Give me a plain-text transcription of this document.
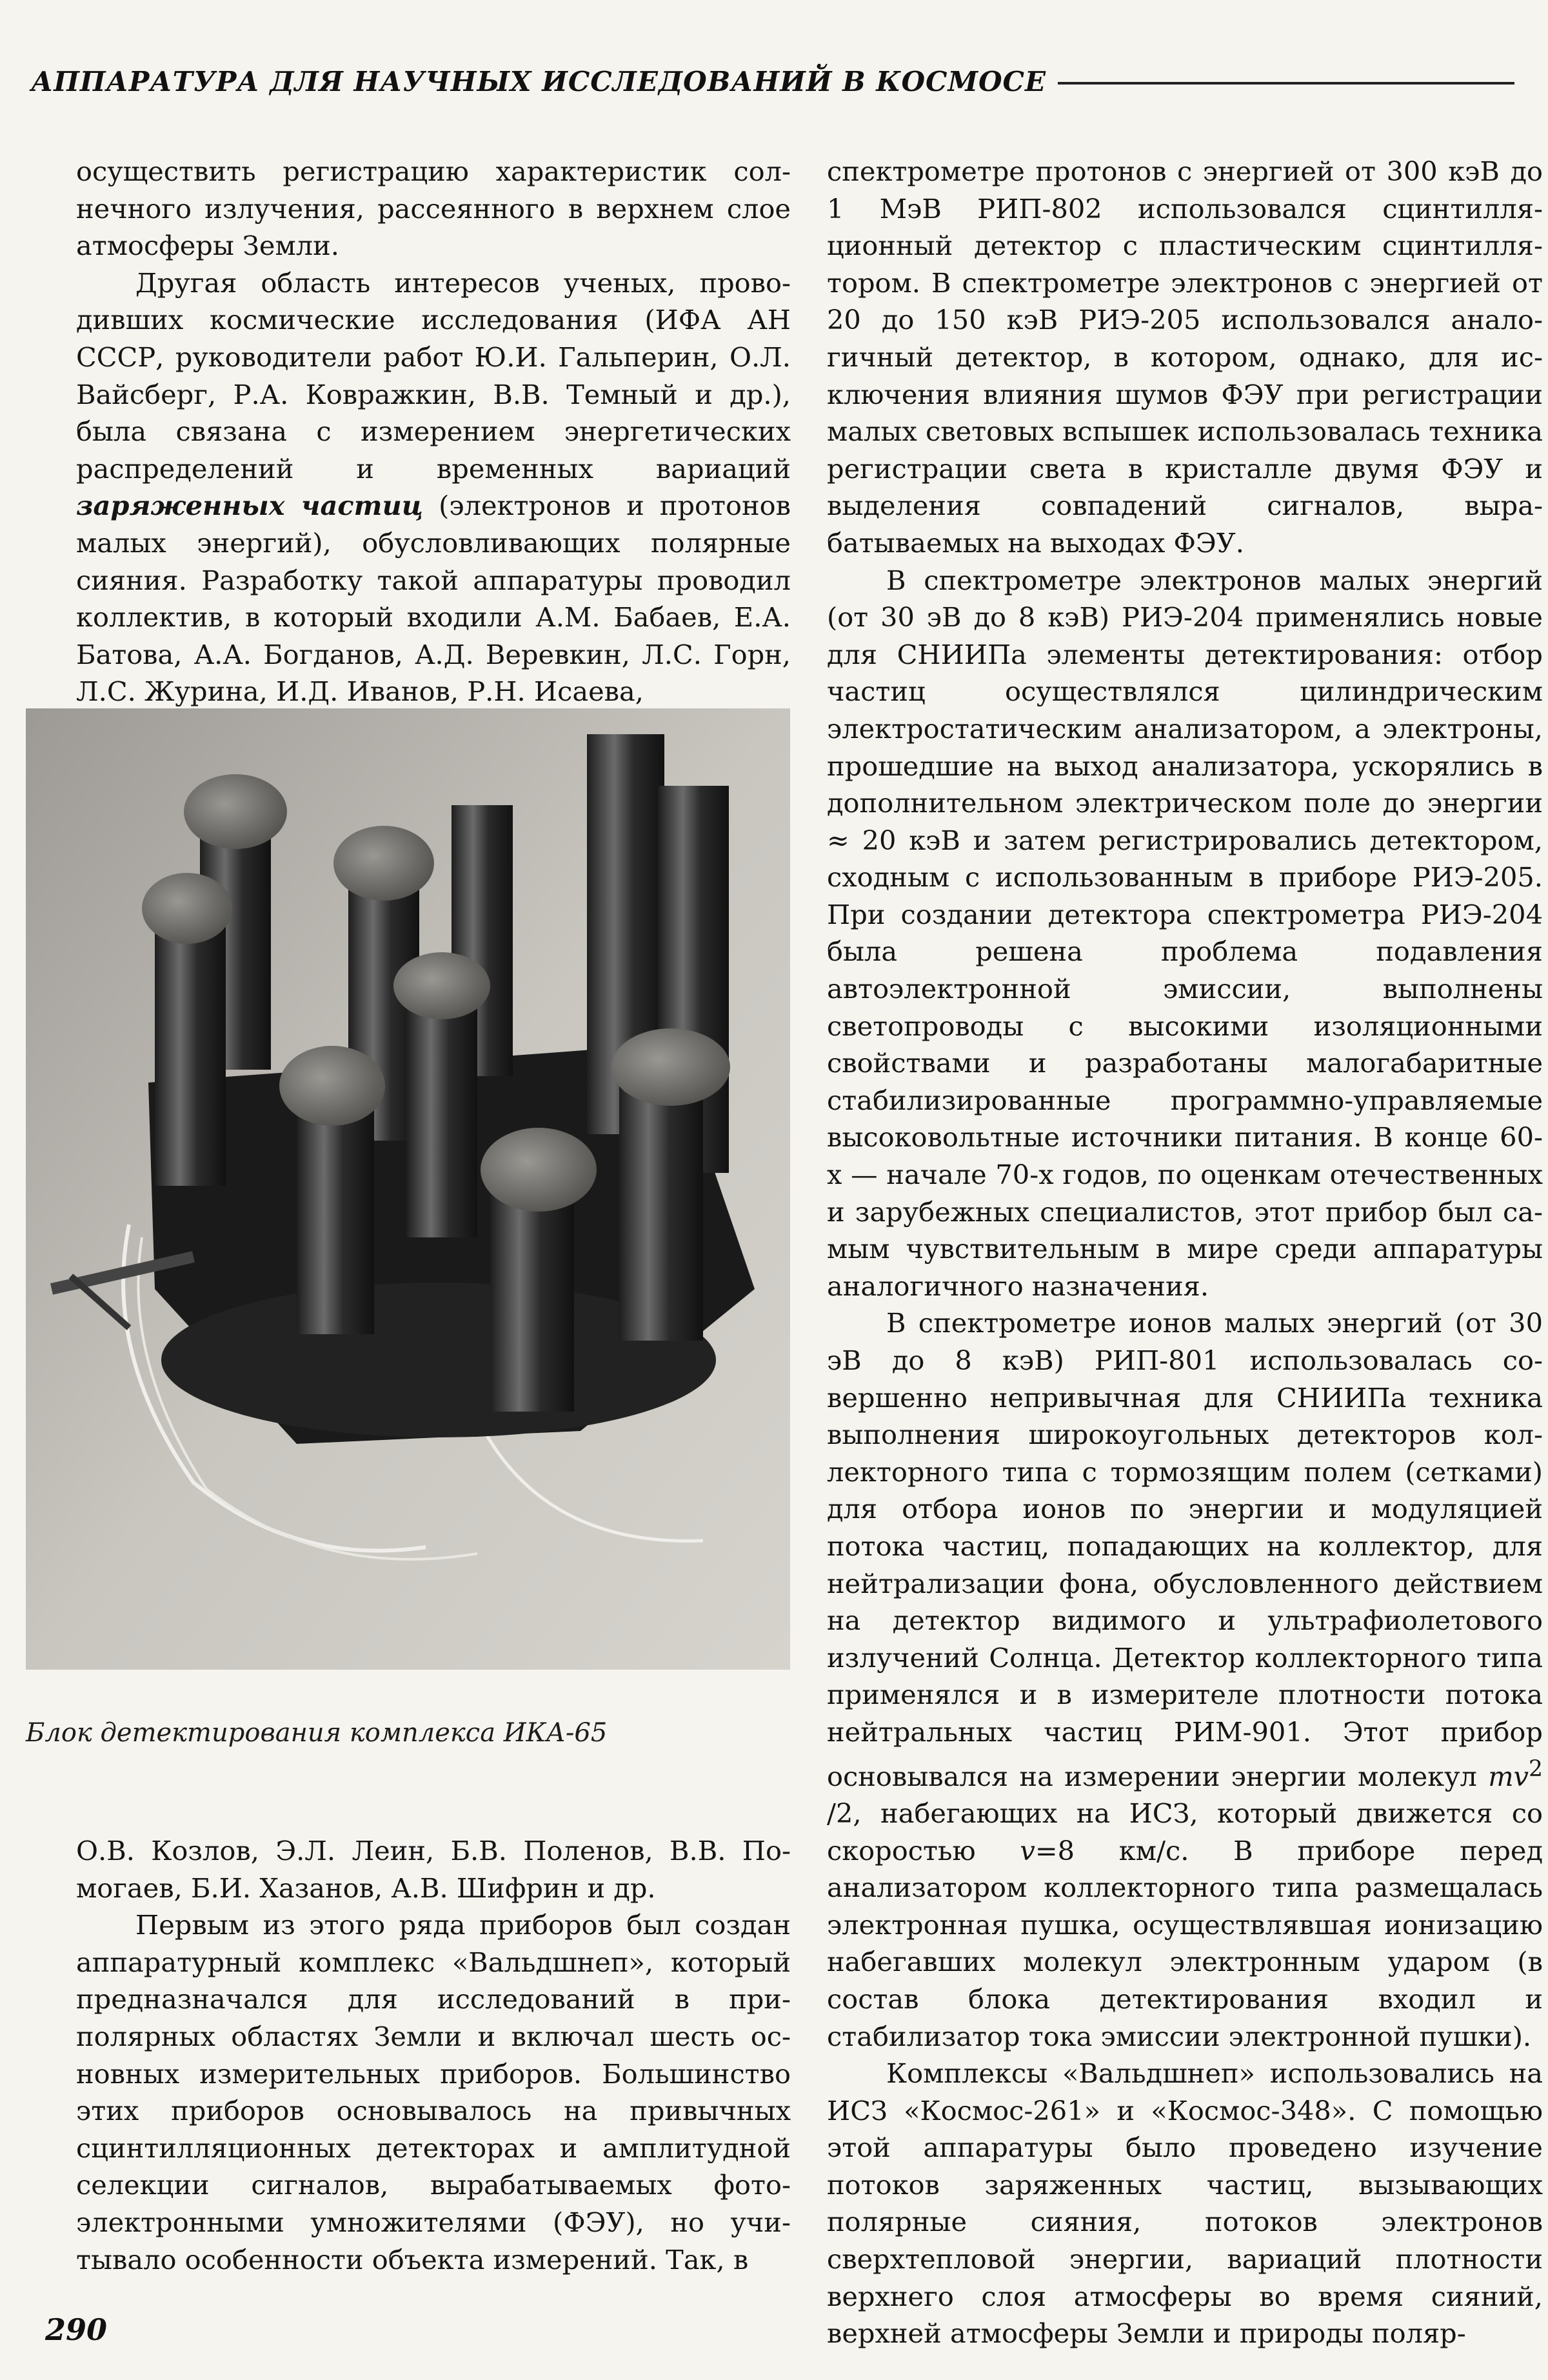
АППАРАТУРА ДЛЯ НАУЧНЫХ ИССЛЕДОВАНИЙ В КОСМОСЕ

осуществить регистрацию характеристик солнечного излучения, рассеянного в верхнем слое атмосферы Земли.

Другая область интересов ученых, проводивших космические исследования (ИФА АН СССР, руководители работ Ю.И. Гальперин, О.Л. Вайсберг, Р.А. Ковражкин, В.В. Темный и др.), была связана с измерением энергетических распределений и временных вариаций заряженных частиц (электронов и протонов малых энергий), обусловливающих полярные сияния. Разработку такой аппаратуры проводил коллектив, в который входили А.М. Бабаев, Е.А. Батова, А.А. Богданов, А.Д. Веревкин, Л.С. Горн, Л.С. Журина, И.Д. Иванов, Р.Н. Исаева,

Блок детектирования комплекса ИКА-65

О.В. Козлов, Э.Л. Леин, Б.В. Поленов, В.В. Помогаев, Б.И. Хазанов, А.В. Шифрин и др.

Первым из этого ряда приборов был создан аппаратурный комплекс «Вальдшнеп», который предназначался для исследований в приполярных областях Земли и включал шесть основных измерительных приборов. Большинство этих приборов основывалось на привычных сцинтилляционных детекторах и амплитудной селекции сигналов, вырабатываемых фотоэлектронными умножителями (ФЭУ), но учитывало особенности объекта измерений. Так, в

спектрометре протонов с энергией от 300 кэВ до 1 МэВ РИП-802 использовался сцинтилляционный детектор с пластическим сцинтиллятором. В спектрометре электронов с энергией от 20 до 150 кэВ РИЭ-205 использовался аналогичный детектор, в котором, однако, для исключения влияния шумов ФЭУ при регистрации малых световых вспышек использовалась техника регистрации света в кристалле двумя ФЭУ и выделения совпадений сигналов, вырабатываемых на выходах ФЭУ.

В спектрометре электронов малых энергий (от 30 эВ до 8 кэВ) РИЭ-204 применялись новые для СНИИПа элементы детектирования: отбор частиц осуществлялся цилиндрическим электростатическим анализатором, а электроны, прошедшие на выход анализатора, ускорялись в дополнительном электрическом поле до энергии ≈ 20 кэВ и затем регистрировались детектором, сходным с использованным в приборе РИЭ-205. При создании детектора спектрометра РИЭ-204 была решена проблема подавления автоэлектронной эмиссии, выполнены светопроводы с высокими изоляционными свойствами и разработаны малогабаритные стабилизированные программно-управляемые высоковольтные источники питания. В конце 60-х — начале 70-х годов, по оценкам отечественных и зарубежных специалистов, этот прибор был самым чувствительным в мире среди аппаратуры аналогичного назначения.

В спектрометре ионов малых энергий (от 30 эВ до 8 кэВ) РИП-801 использовалась совершенно непривычная для СНИИПа техника выполнения широкоугольных детекторов коллекторного типа с тормозящим полем (сетками) для отбора ионов по энергии и модуляцией потока частиц, попадающих на коллектор, для нейтрализации фона, обусловленного действием на детектор видимого и ультрафиолетового излучений Солнца. Детектор коллекторного типа применялся и в измерителе плотности потока нейтральных частиц РИМ-901. Этот прибор основывался на измерении энергии молекул $mv^2$ /2, набегающих на ИСЗ, который движется со скоростью v=8 км/с. В приборе перед анализатором коллекторного типа размещалась электронная пушка, осуществлявшая ионизацию набегавших молекул электронным ударом (в состав блока детектирования входил и стабилизатор тока эмиссии электронной пушки).

Комплексы «Вальдшнеп» использовались на ИСЗ «Космос-261» и «Космос-348». С помощью этой аппаратуры было проведено изучение потоков заряженных частиц, вызывающих полярные сияния, потоков электронов сверхтепловой энергии, вариаций плотности верхнего слоя атмосферы во время сияний, верхней атмосферы Земли и природы поляр-

290
